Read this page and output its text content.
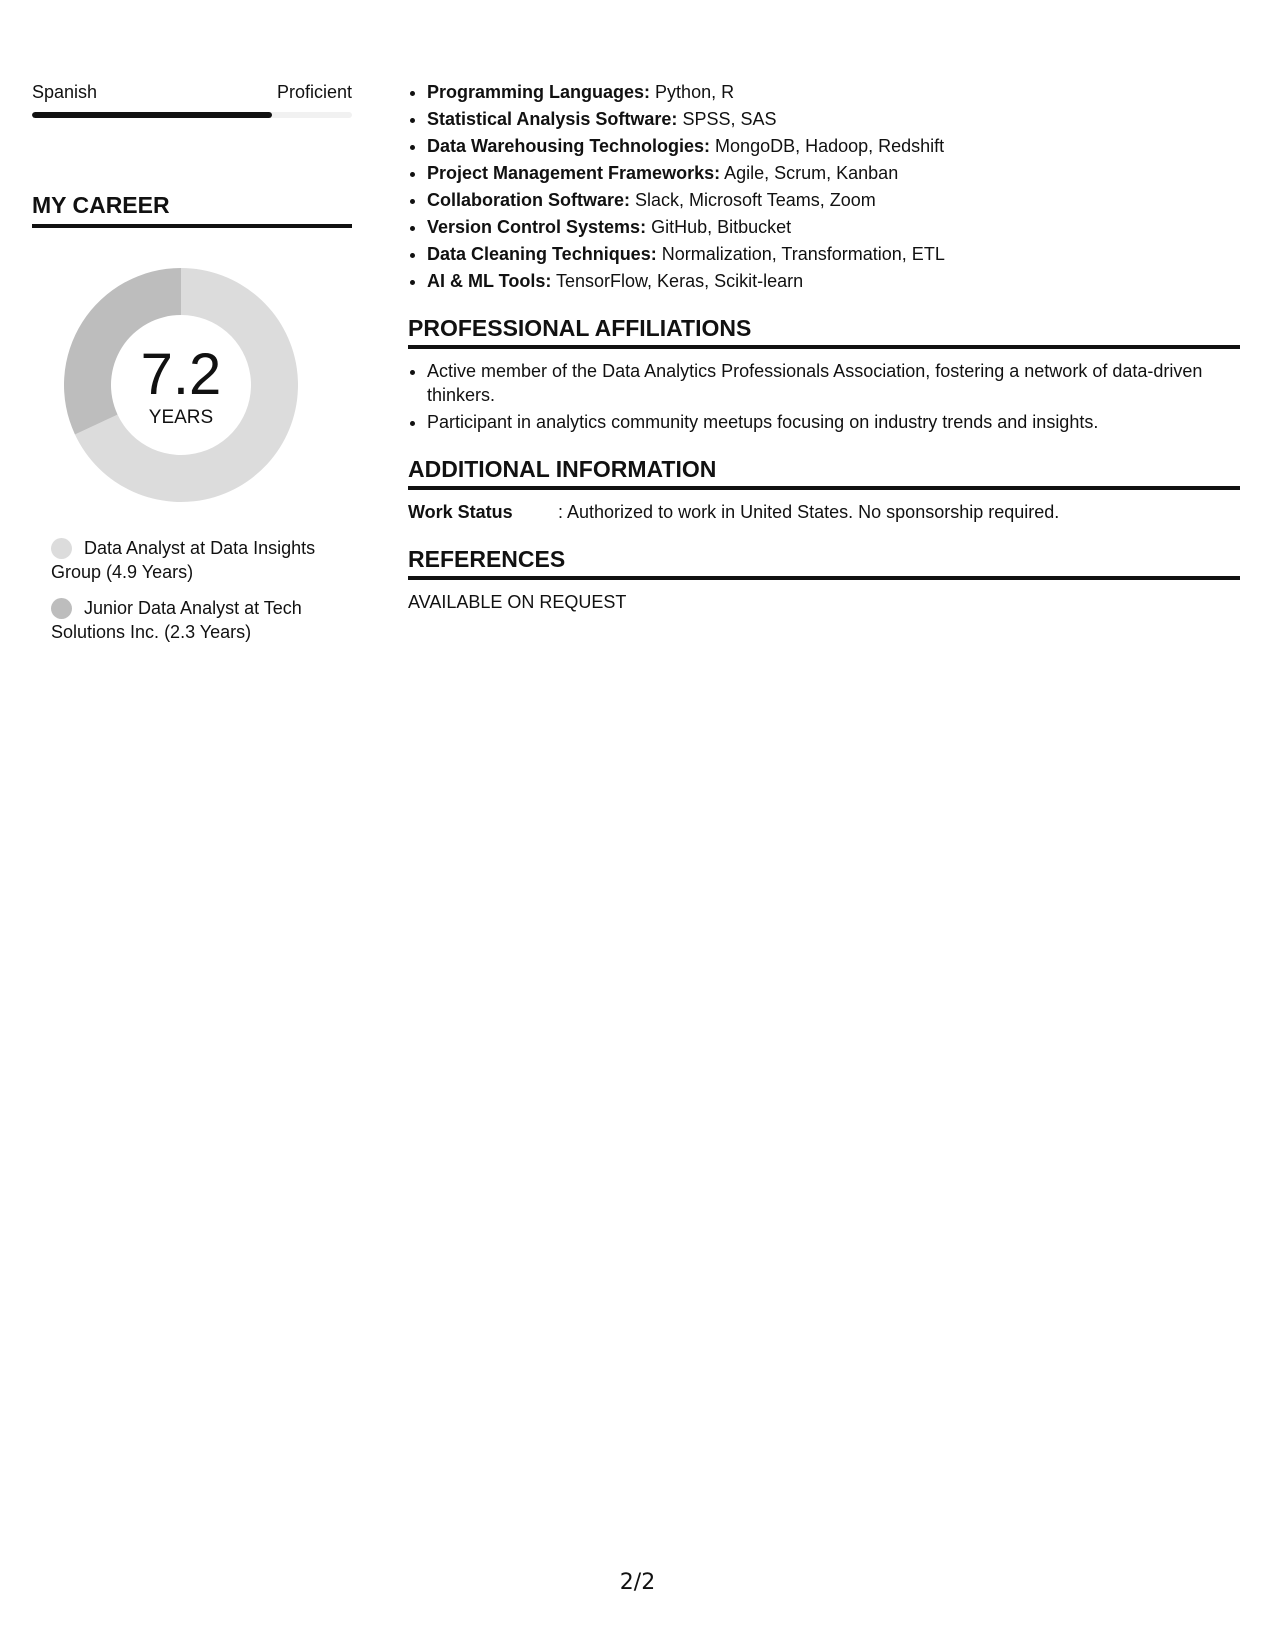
Spanish	Proficient
MY CAREER
7.2
YEARS
Data Analyst at Data Insights Group (4.9 Years)
Junior Data Analyst at Tech Solutions Inc. (2.3 Years)
• Programming Languages: Python, R
• Statistical Analysis Software: SPSS, SAS
• Data Warehousing Technologies: MongoDB, Hadoop, Redshift
• Project Management Frameworks: Agile, Scrum, Kanban
• Collaboration Software: Slack, Microsoft Teams, Zoom
• Version Control Systems: GitHub, Bitbucket
• Data Cleaning Techniques: Normalization, Transformation, ETL
• AI & ML Tools: TensorFlow, Keras, Scikit-learn
PROFESSIONAL AFFILIATIONS
• Active member of the Data Analytics Professionals Association, fostering a network of data-driven thinkers.
• Participant in analytics community meetups focusing on industry trends and insights.
ADDITIONAL INFORMATION
Work Status	: Authorized to work in United States. No sponsorship required.
REFERENCES
AVAILABLE ON REQUEST
2/2
